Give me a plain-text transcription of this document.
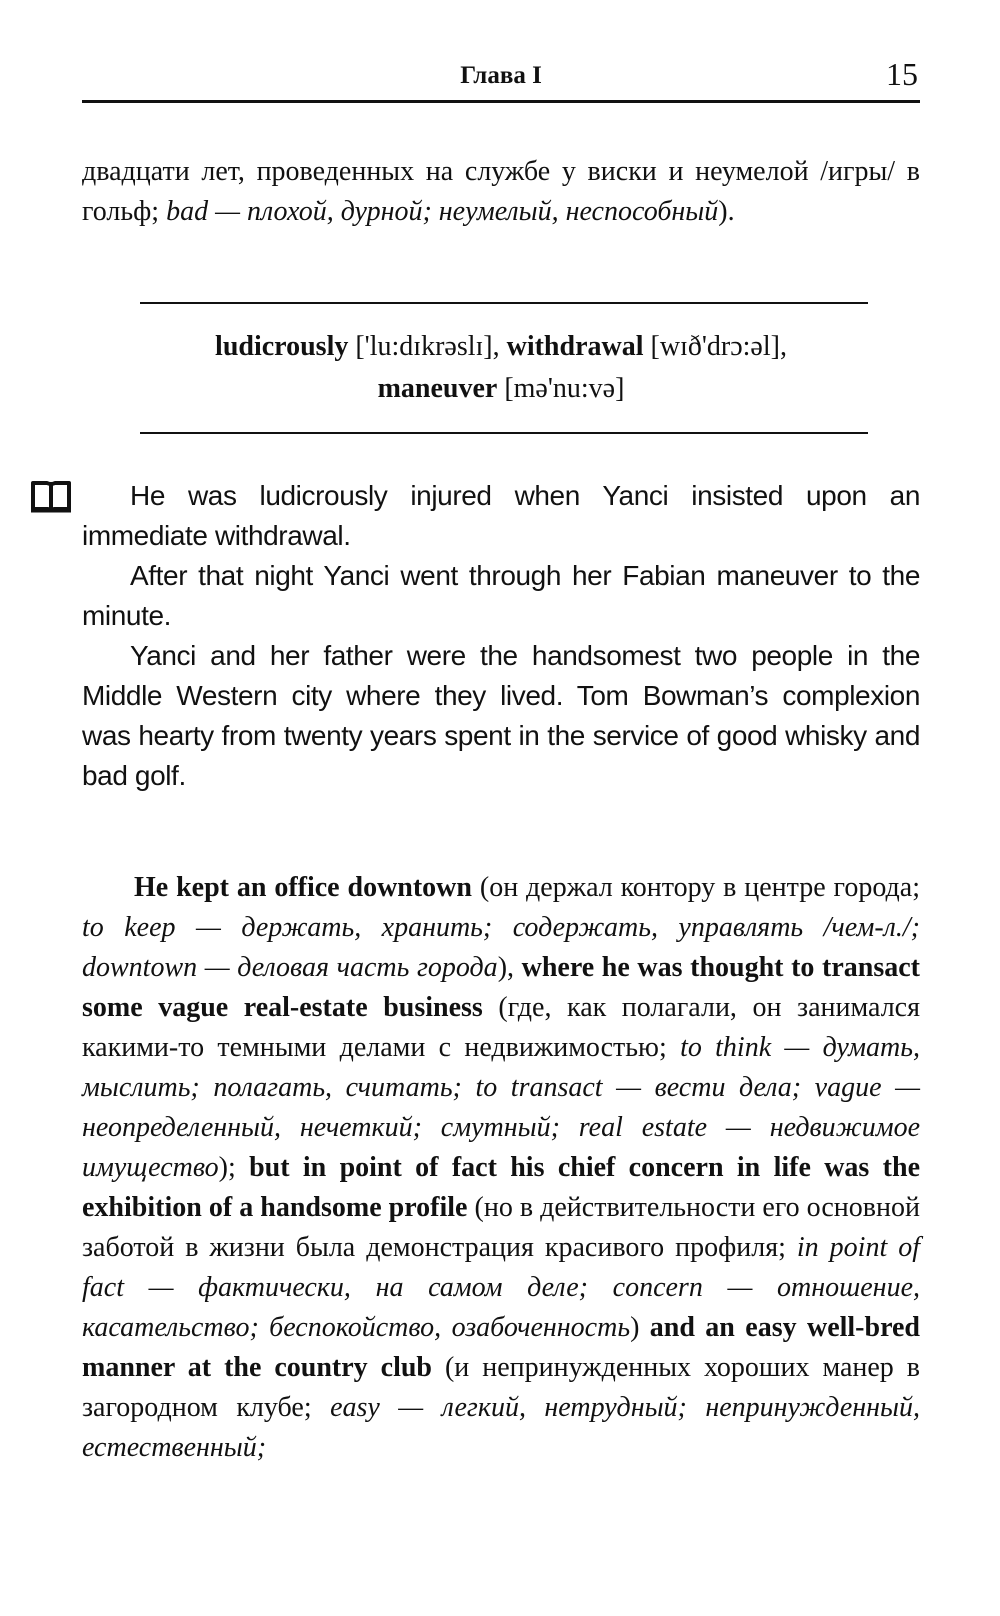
Глава I	15

двадцати лет, проведенных на службе у виски и неумелой /игры/ в гольф; bad — плохой, дурной; неумелый, неспособный).

ludicrously ['lu:dɪkrəslɪ], withdrawal [wɪð'drɔ:əl],
maneuver [mə'nu:və]

He was ludicrously injured when Yanci insisted upon an immediate withdrawal.

After that night Yanci went through her Fabian maneuver to the minute.

Yanci and her father were the handsomest two people in the Middle Western city where they lived. Tom Bowman’s complexion was hearty from twenty years spent in the service of good whisky and bad golf.

He kept an office downtown (он держал контору в центре города; to keep — держать, хранить; содержать, управлять /чем-л./; downtown — деловая часть города), where he was thought to transact some vague real-estate business (где, как полагали, он занимался какими-то темными делами с недвижимостью; to think — думать, мыслить; полагать, считать; to transact — вести дела; vague — неопределенный, нечеткий; смутный; real estate — недвижимое имущество); but in point of fact his chief concern in life was the exhibition of a handsome profile (но в действительности его основной заботой в жизни была демонстрация красивого профиля; in point of fact — фактически, на самом деле; concern — отношение, касательство; беспокойство, озабоченность) and an easy well-bred manner at the country club (и непринужденных хороших манер в загородном клубе; easy — легкий, нетрудный; непринужденный, естественный;
